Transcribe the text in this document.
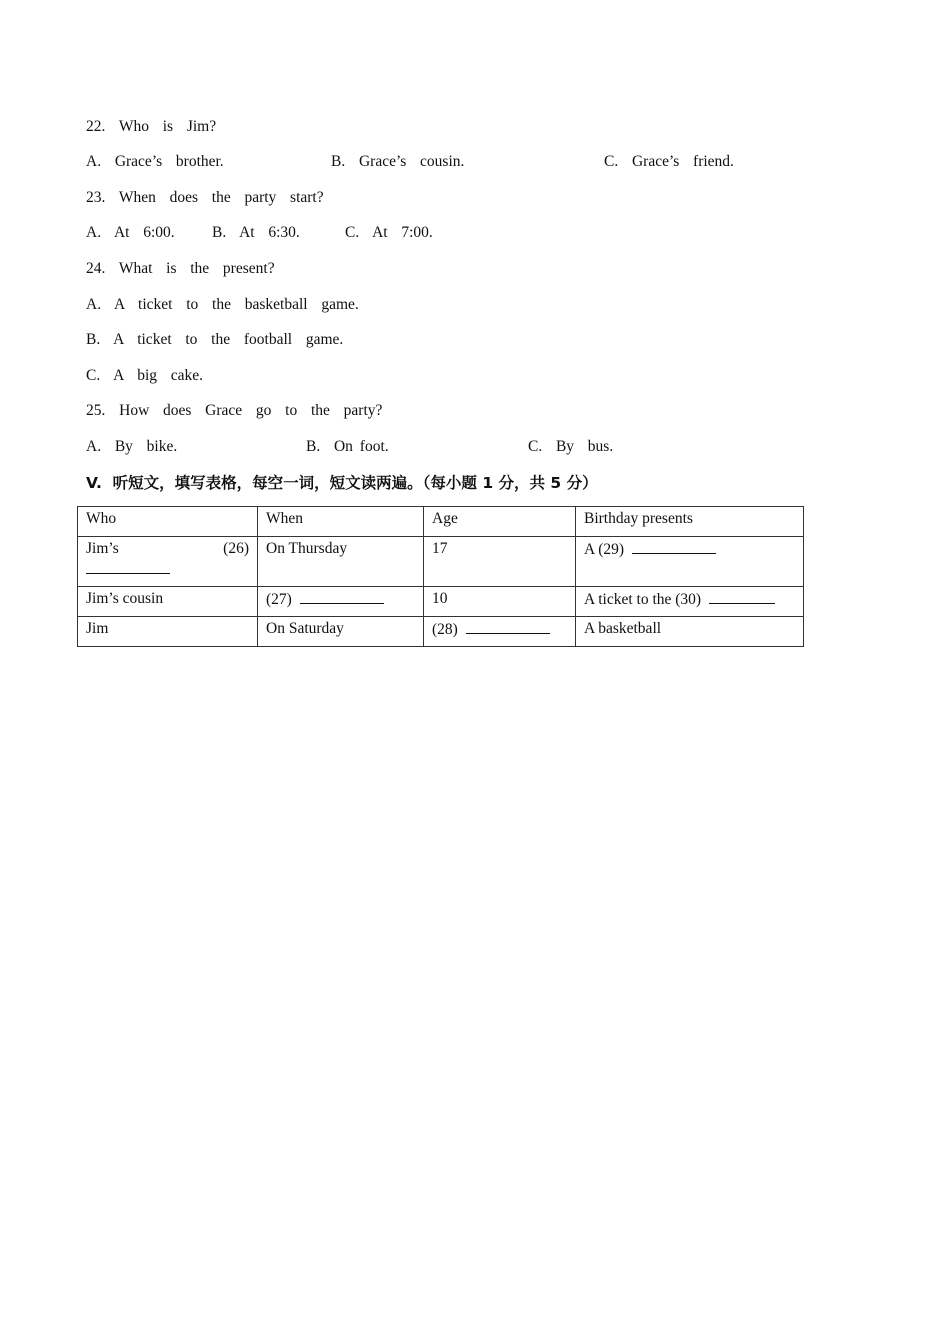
22.  Who  is  Jim?
A.  Grace’s  brother.	B.  Grace’s  cousin.	C.  Grace’s  friend.
23.  When  does  the  party  start?
A.  At  6:00. B.  At  6:30.	C.  At  7:00.
24.  What  is  the  present?
A.  A  ticket  to  the  basketball  game.
B.  A  ticket  to  the  football  game.
C.  A  big  cake.
25.  How  does  Grace  go  to  the  party?
A.  By  bike.	B.  On foot.	C.  By  bus.
V.  听短文，填写表格，每空一词，短文读两遍。（每小题 1 分，共 5 分）
Who	When	Age	Birthday presents

Jim’s (26)	On Thursday	17	A (29)
Jim’s cousin	(27)	10	A ticket to the (30)
Jim	On Saturday	(28)	A basketball
